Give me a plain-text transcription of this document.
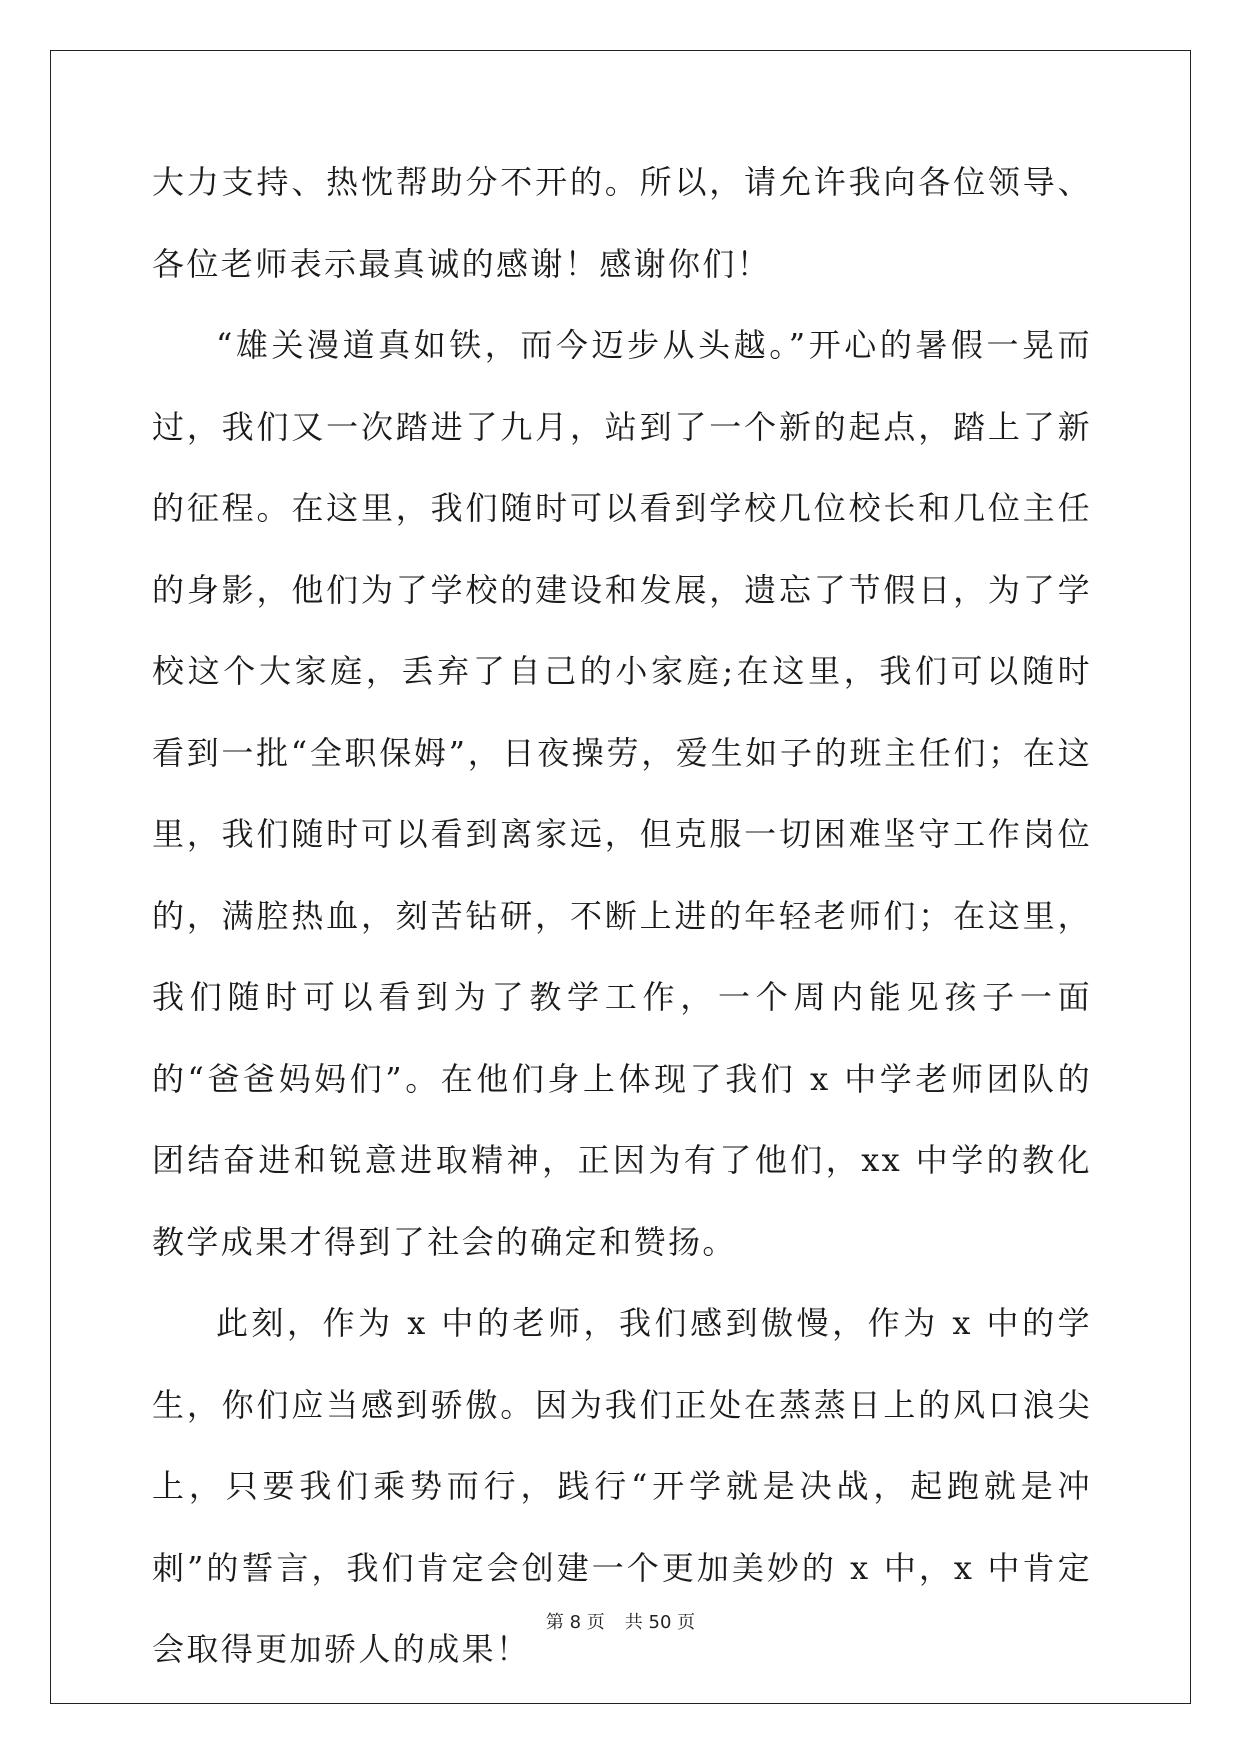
大力支持、热忱帮助分不开的。所以，请允许我向各位领导、各位老师表示最真诚的感谢！感谢你们！

“雄关漫道真如铁，而今迈步从头越。”开心的暑假一晃而过，我们又一次踏进了九月，站到了一个新的起点，踏上了新的征程。在这里，我们随时可以看到学校几位校长和几位主任的身影，他们为了学校的建设和发展，遗忘了节假日，为了学校这个大家庭，丢弃了自己的小家庭;在这里，我们可以随时看到一批“全职保姆”，日夜操劳，爱生如子的班主任们；在这里，我们随时可以看到离家远，但克服一切困难坚守工作岗位的，满腔热血，刻苦钻研，不断上进的年轻老师们；在这里，我们随时可以看到为了教学工作，一个周内能见孩子一面的“爸爸妈妈们”。在他们身上体现了我们 x 中学老师团队的团结奋进和锐意进取精神，正因为有了他们，xx 中学的教化教学成果才得到了社会的确定和赞扬。

此刻，作为 x 中的老师，我们感到傲慢，作为 x 中的学生，你们应当感到骄傲。因为我们正处在蒸蒸日上的风口浪尖上，只要我们乘势而行，践行“开学就是决战，起跑就是冲刺”的誓言，我们肯定会创建一个更加美妙的 x 中，x 中肯定会取得更加骄人的成果！

第 8 页 共 50 页
